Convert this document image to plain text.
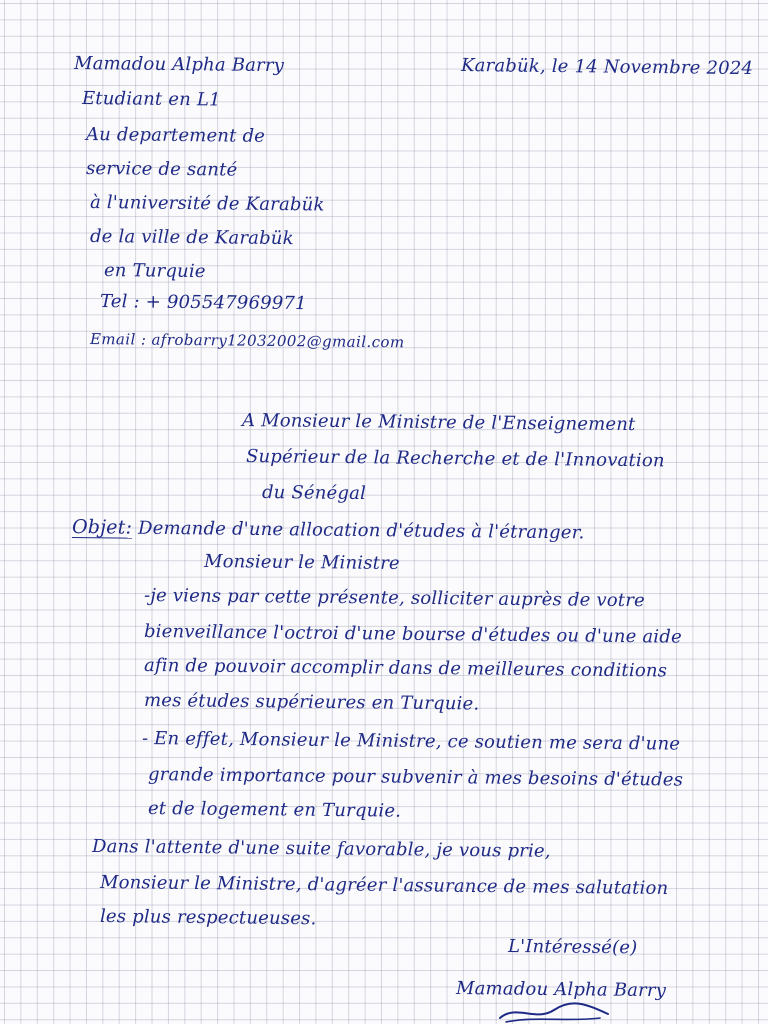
Mamadou Alpha Barry
Etudiant en L1
Au departement de
service de santé
à l'université de Karabük
de la ville de Karabük
en Turquie
Tel : + 905547969971
Email : afrobarry12032002@gmail.com
Karabük, le 14 Novembre 2024
A Monsieur le Ministre de l'Enseignement
Supérieur de la Recherche et de l'Innovation
du Sénégal
Objet: Demande d'une allocation d'études à l'étranger.
Monsieur le Ministre
-je viens par cette présente, solliciter auprès de votre
bienveillance l'octroi d'une bourse d'études ou d'une aide
afin de pouvoir accomplir dans de meilleures conditions
mes études supérieures en Turquie.
- En effet, Monsieur le Ministre, ce soutien me sera d'une
grande importance pour subvenir à mes besoins d'études
et de logement en Turquie.
Dans l'attente d'une suite favorable, je vous prie,
Monsieur le Ministre, d'agréer l'assurance de mes salutation
les plus respectueuses.
L'Intéressé(e)
Mamadou Alpha Barry
